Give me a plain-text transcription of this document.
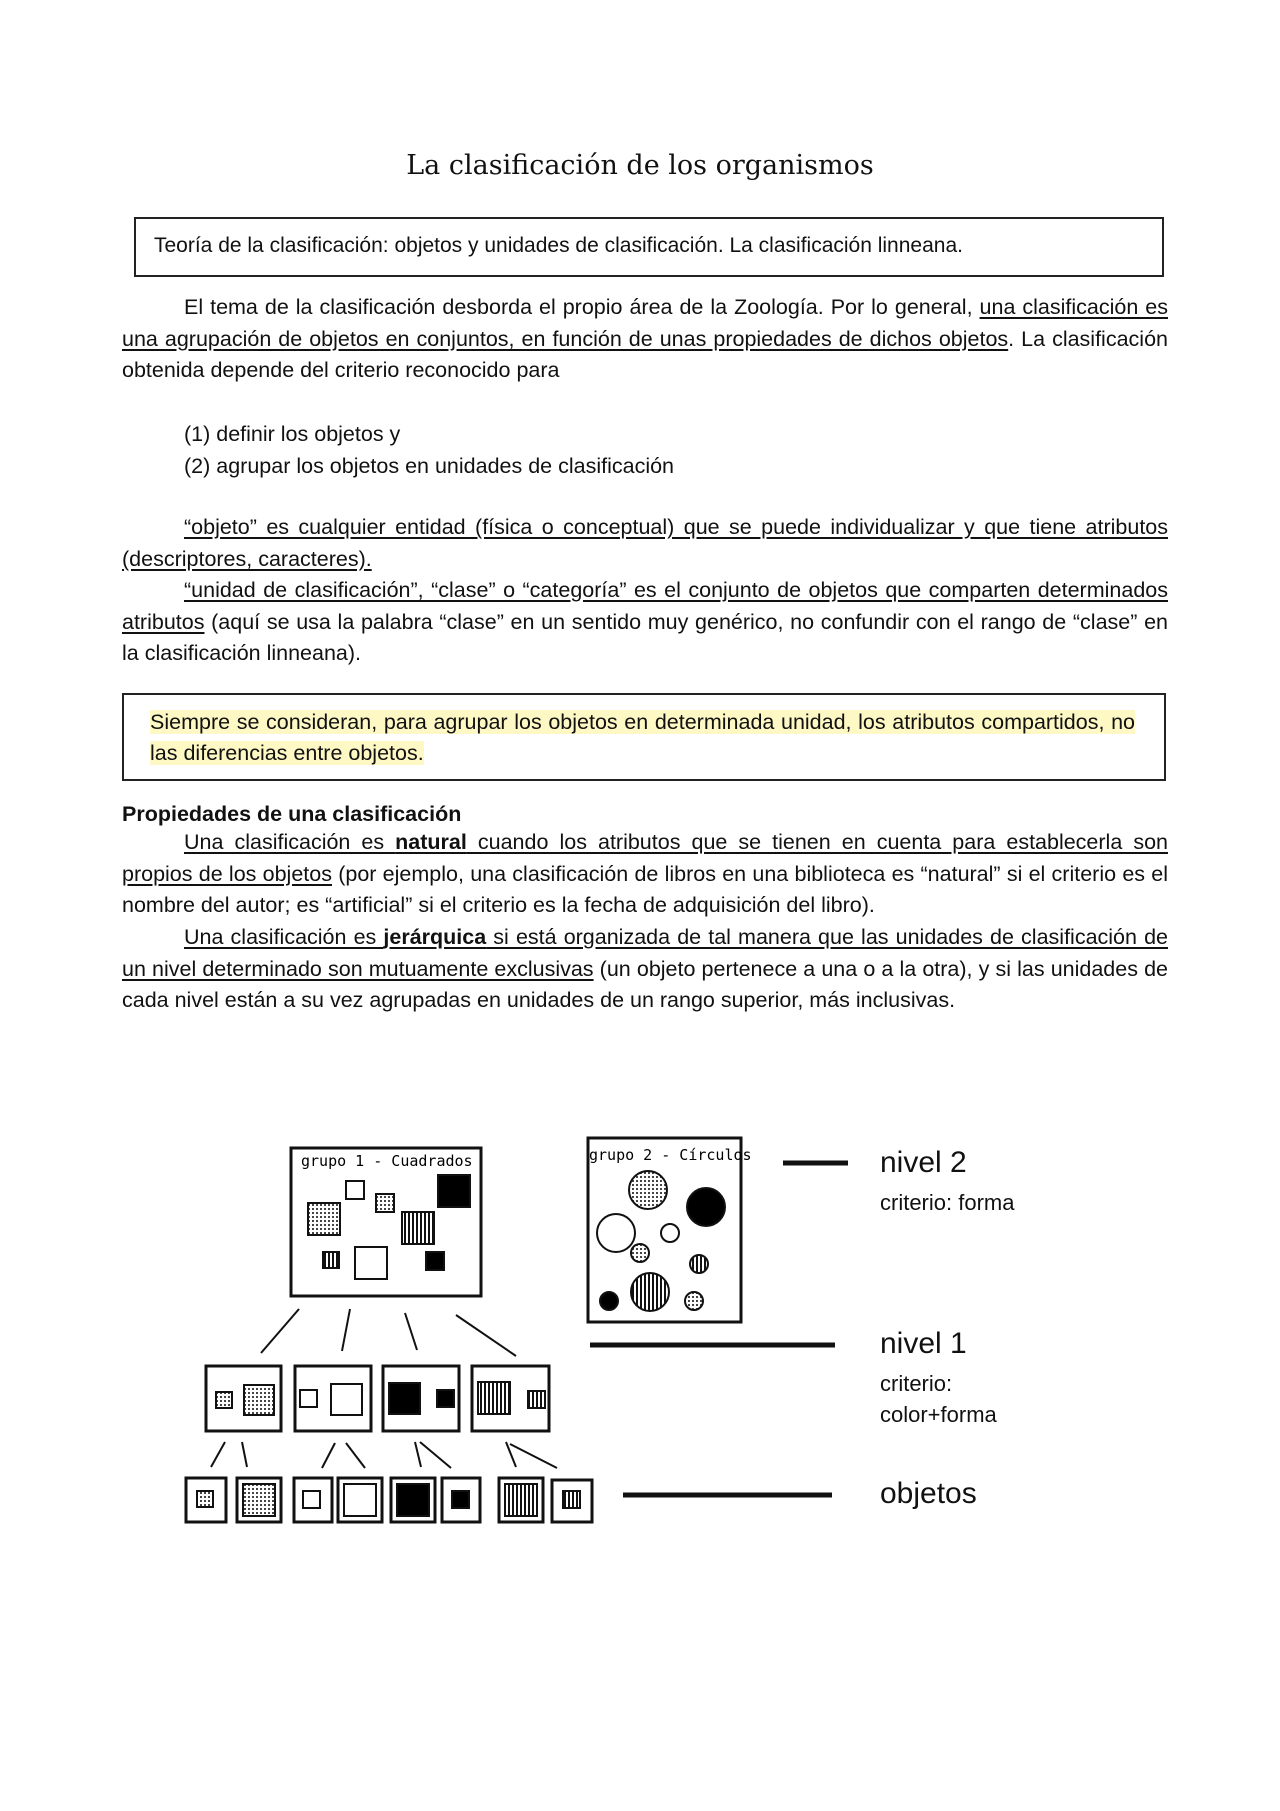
La clasificación de los organismos
Teoría de la clasificación: objetos y unidades de clasificación. La clasificación linneana.
El tema de la clasificación desborda el propio área de la Zoología. Por lo general, una clasificación es una agrupación de objetos en conjuntos, en función de unas propiedades de dichos objetos. La clasificación obtenida depende del criterio reconocido para
(1) definir los objetos y
(2) agrupar los objetos en unidades de clasificación
“objeto” es cualquier entidad (física o conceptual) que se puede individualizar y que tiene atributos (descriptores, caracteres).
“unidad de clasificación”, “clase” o “categoría” es el conjunto de objetos que comparten determinados atributos (aquí se usa la palabra “clase” en un sentido muy genérico, no confundir con el rango de “clase” en la clasificación linneana).
Siempre se consideran, para agrupar los objetos en determinada unidad, los atributos compartidos, no las diferencias entre objetos.
Propiedades de una clasificación
Una clasificación es natural cuando los atributos que se tienen en cuenta para establecerla son propios de los objetos (por ejemplo, una clasificación de libros en una biblioteca es “natural” si el criterio es el nombre del autor; es “artificial” si el criterio es la fecha de adquisición del libro).
Una clasificación es jerárquica si está organizada de tal manera que las unidades de clasificación de un nivel determinado son mutuamente exclusivas (un objeto pertenece a una o a la otra), y si las unidades de cada nivel están a su vez agrupadas en unidades de un rango superior, más inclusivas.
grupo 1 - Cuadrados	grupo 2 - Círculos	nivel 2
criterio: forma
nivel 1
criterio:
color+forma
objetos
